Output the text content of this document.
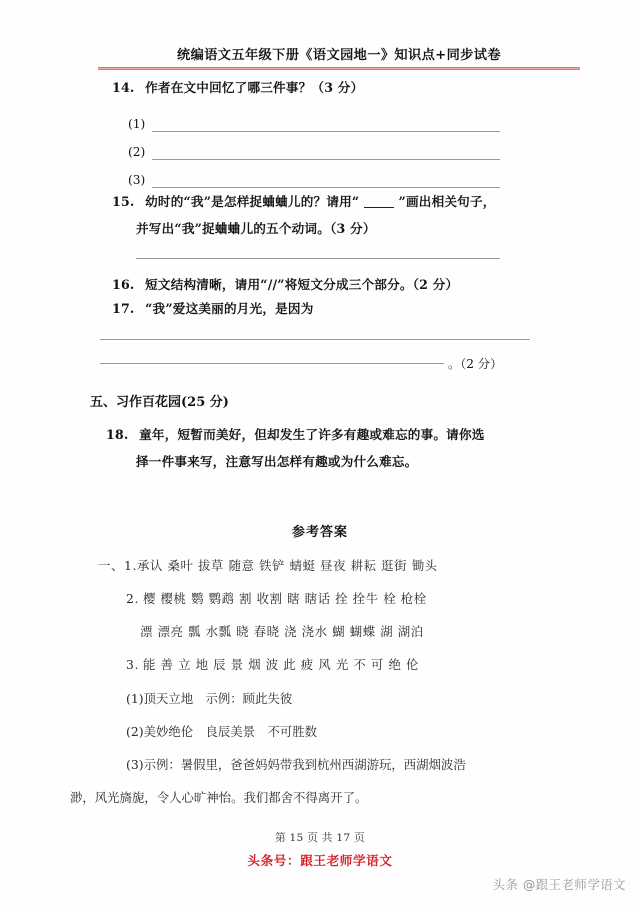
统编语文五年级下册《语文园地一》知识点+同步试卷
14. 作者在文中回忆了哪三件事？（3 分）
(1)
(2)
(3)
15. 幼时的“我”是怎样捉蛐蛐儿的？请用“	”画出相关句子，
并写出“我”捉蛐蛐儿的五个动词。（3 分）
16. 短文结构清晰，请用“//”将短文分成三个部分。（2 分）
17. “我”爱这美丽的月光，是因为
。（2 分）
五、习作百花园(25 分)
18. 童年，短暂而美好，但却发生了许多有趣或难忘的事。请你选
择一件事来写，注意写出怎样有趣或为什么难忘。
参考答案
一、1.承认 桑叶 拔草 随意 铁铲 蜻蜓 昼夜 耕耘 逛街 锄头
2. 樱 樱桃 鹦 鹦鹉 割 收割 瞎 瞎话 拴 拴牛 栓 枪栓
漂 漂亮 瓢 水瓢 晓 春晓 浇 浇水 蝴 蝴蝶 湖 湖泊
3. 能 善 立 地 辰 景 烟 波 此 疲 风 光 不 可 绝 伦
(1)顶天立地　示例：顾此失彼
(2)美妙绝伦　良辰美景　不可胜数
(3)示例：暑假里，爸爸妈妈带我到杭州西湖游玩，西湖烟波浩
渺，风光旖旎，令人心旷神怡。我们都舍不得离开了。
第 15 页 共 17 页
头条号：跟王老师学语文
头条 @跟王老师学语文
